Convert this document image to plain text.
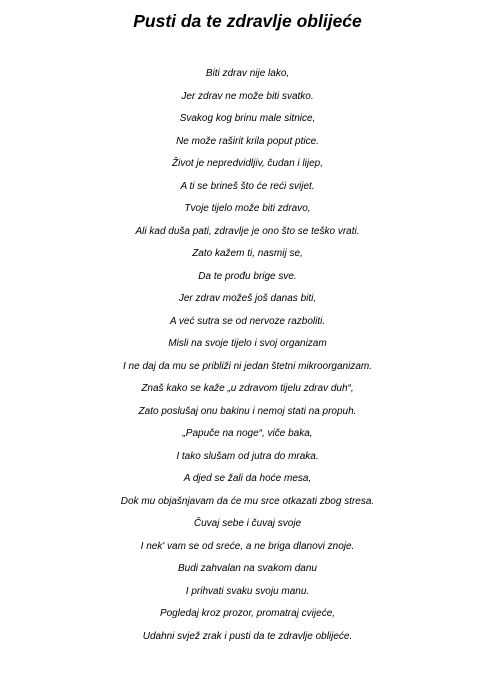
Pusti da te zdravlje oblijeće
Biti zdrav nije lako,
Jer zdrav ne može biti svatko.
Svakog kog brinu male sitnice,
Ne može raširit krila poput ptice.
Život je nepredvidljiv, čudan i lijep,
A ti se brineš što će reći svijet.
Tvoje tijelo može biti zdravo,
Ali kad duša pati, zdravlje je ono što se teško vrati.
Zato kažem ti, nasmij se,
Da te prođu brige sve.
Jer zdrav možeš još danas biti,
A već sutra se od nervoze razboliti.
Misli na svoje tijelo i svoj organizam
I ne daj da mu se približi ni jedan štetni mikroorganizam.
Znaš kako se kaže „u zdravom tijelu zdrav duh“,
Zato poslušaj onu bakinu i nemoj stati na propuh.
„Papuče na noge“, viče baka,
I tako slušam od jutra do mraka.
A djed se žali da hoće mesa,
Dok mu objašnjavam da će mu srce otkazati zbog stresa.
Čuvaj sebe i čuvaj svoje
I nek' vam se od sreće, a ne briga dlanovi znoje.
Budi zahvalan na svakom danu
I prihvati svaku svoju manu.
Pogledaj kroz prozor, promatraj cvijeće,
Udahni svjež zrak i pusti da te zdravlje oblijeće.
